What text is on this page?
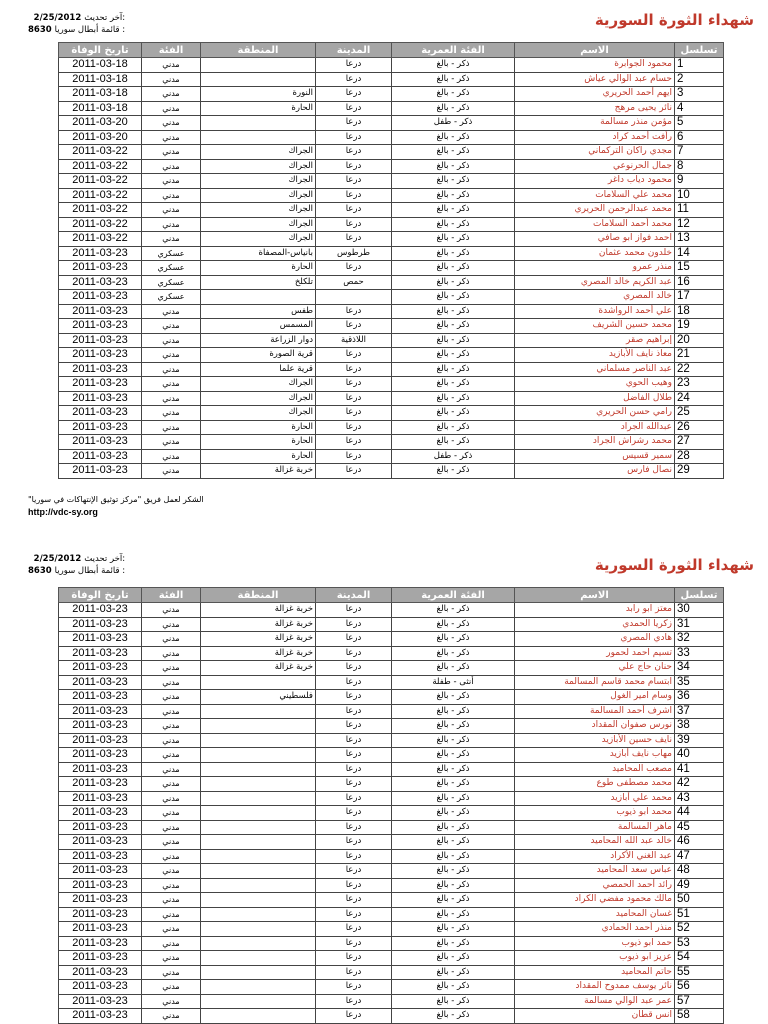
شهداء الثورة السورية
2/25/2012 آخر تحديث:
8630 قائمة أبطال سوريا :
تاريخ الوفاة	الفئة	المنطقة	المدينة	الفئة العمرية	الاسم	تسلسل
2011-03-18	مدني		درعا	ذكر - بالغ	محمود الجوابرة	1
2011-03-18	مدني		درعا	ذكر - بالغ	حسام عبد الوالي عياش	2
2011-03-18	مدني	النورة	درعا	ذكر - بالغ	ايهم أحمد الحريري	3
2011-03-18	مدني	الحارة	درعا	ذكر - بالغ	نائر يحيى مرهج	4
2011-03-20	مدني		درعا	ذكر - طفل	مؤمن منذر مسالمة	5
2011-03-20	مدني		درعا	ذكر - بالغ	رأفت أحمد كراد	6
2011-03-22	مدني	الجراك	درعا	ذكر - بالغ	مجدي راكان التركماني	7
2011-03-22	مدني	الجراك	درعا	ذكر - بالغ	جمال الحرنوعي	8
2011-03-22	مدني	الجراك	درعا	ذكر - بالغ	محمود دياب داغر	9
2011-03-22	مدني	الجراك	درعا	ذكر - بالغ	محمد علي السلامات	10
2011-03-22	مدني	الجراك	درعا	ذكر - بالغ	محمد عبدالرحمن الحريري	11
2011-03-22	مدني	الجراك	درعا	ذكر - بالغ	محمد أحمد السلامات	12
2011-03-22	مدني	الجراك	درعا	ذكر - بالغ	احمد فواز ابو صافي	13
2011-03-23	عسكري	بانياس-المصفاة	طرطوس	ذكر - بالغ	خلدون محمد عثمان	14
2011-03-23	عسكري	الحارة	درعا	ذكر - بالغ	منذر عمرو	15
2011-03-23	عسكري	تلكلخ	حمص	ذكر - بالغ	عبد الكريم خالد المصري	16
2011-03-23	عسكري			ذكر - بالغ	خالد المصري	17
2011-03-23	مدني	طفس	درعا	ذكر - بالغ	علي أحمد الرواشدة	18
2011-03-23	مدني	المسمس	درعا	ذكر - بالغ	محمد حسين الشريف	19
2011-03-23	مدني	دوار الزراعة	اللاذقية	ذكر - بالغ	إبراهيم صقر	20
2011-03-23	مدني	قرية الصورة	درعا	ذكر - بالغ	معاذ نايف الأبازيد	21
2011-03-23	مدني	قرية علما	درعا	ذكر - بالغ	عبد الناصر مسلماني	22
2011-03-23	مدني	الجراك	درعا	ذكر - بالغ	وهيب الحوي	23
2011-03-23	مدني	الجراك	درعا	ذكر - بالغ	طلال الفاضل	24
2011-03-23	مدني	الجراك	درعا	ذكر - بالغ	رامي حسن الحريري	25
2011-03-23	مدني	الحارة	درعا	ذكر - بالغ	عبدالله الجراد	26
2011-03-23	مدني	الحارة	درعا	ذكر - بالغ	محمد رشراش الجراد	27
2011-03-23	مدني	الحارة	درعا	ذكر - طفل	سمير قسيس	28
2011-03-23	مدني	خربة غزالة	درعا	ذكر - بالغ	نصال فارس	29
الشكر لعمل فريق "مركز توثيق الإنتهاكات في سوريا"
http://vdc-sy.org
شهداء الثورة السورية
2/25/2012 آخر تحديث:
8630 قائمة أبطال سوريا :
تاريخ الوفاة	الفئة	المنطقة	المدينة	الفئة العمرية	الاسم	تسلسل
2011-03-23	مدني	خربة غزالة	درعا	ذكر - بالغ	معتز ابو رابد	30
2011-03-23	مدني	خربة غزالة	درعا	ذكر - بالغ	زكريا الحمدي	31
2011-03-23	مدني	خربة غزالة	درعا	ذكر - بالغ	هادي المصري	32
2011-03-23	مدني	خربة غزالة	درعا	ذكر - بالغ	تسيم احمد لحمور	33
2011-03-23	مدني	خربة غزالة	درعا	ذكر - بالغ	حنان حاج علي	34
2011-03-23	مدني		درعا	أنثى - طفلة	ابتسام محمد قاسم المسالمة	35
2011-03-23	مدني	فلسطيني	درعا	ذكر - بالغ	وسام امير الغول	36
2011-03-23	مدني		درعا	ذكر - بالغ	اشرف أحمد المسالمة	37
2011-03-23	مدني		درعا	ذكر - بالغ	نورس صفوان المقداد	38
2011-03-23	مدني		درعا	ذكر - بالغ	نايف حسين الأبازيد	39
2011-03-23	مدني		درعا	ذكر - بالغ	مهاب نايف أبازيد	40
2011-03-23	مدني		درعا	ذكر - بالغ	مصعب المحاميد	41
2011-03-23	مدني		درعا	ذكر - بالغ	محمد مصطفى طوع	42
2011-03-23	مدني		درعا	ذكر - بالغ	محمد علي أبازيد	43
2011-03-23	مدني		درعا	ذكر - بالغ	محمد ابو ذيوب	44
2011-03-23	مدني		درعا	ذكر - بالغ	ماهر المسالمة	45
2011-03-23	مدني		درعا	ذكر - بالغ	خالد عبد الله المحاميد	46
2011-03-23	مدني		درعا	ذكر - بالغ	عبد الغني الأكراد	47
2011-03-23	مدني		درعا	ذكر - بالغ	عباس سعد المحاميد	48
2011-03-23	مدني		درعا	ذكر - بالغ	رائد أحمد الحمصي	49
2011-03-23	مدني		درعا	ذكر - بالغ	مالك محمود مفضي الكراد	50
2011-03-23	مدني		درعا	ذكر - بالغ	غسان المحاميد	51
2011-03-23	مدني		درعا	ذكر - بالغ	منذر أحمد الحمادي	52
2011-03-23	مدني		درعا	ذكر - بالغ	حمد ابو ذيوب	53
2011-03-23	مدني		درعا	ذكر - بالغ	عزيز ابو ذيوب	54
2011-03-23	مدني		درعا	ذكر - بالغ	حاتم المحاميد	55
2011-03-23	مدني		درعا	ذكر - بالغ	نائر يوسف ممدوح المقداد	56
2011-03-23	مدني		درعا	ذكر - بالغ	عمر عبد الوالي مسالمة	57
2011-03-23	مدني		درعا	ذكر - بالغ	انس قطان	58
